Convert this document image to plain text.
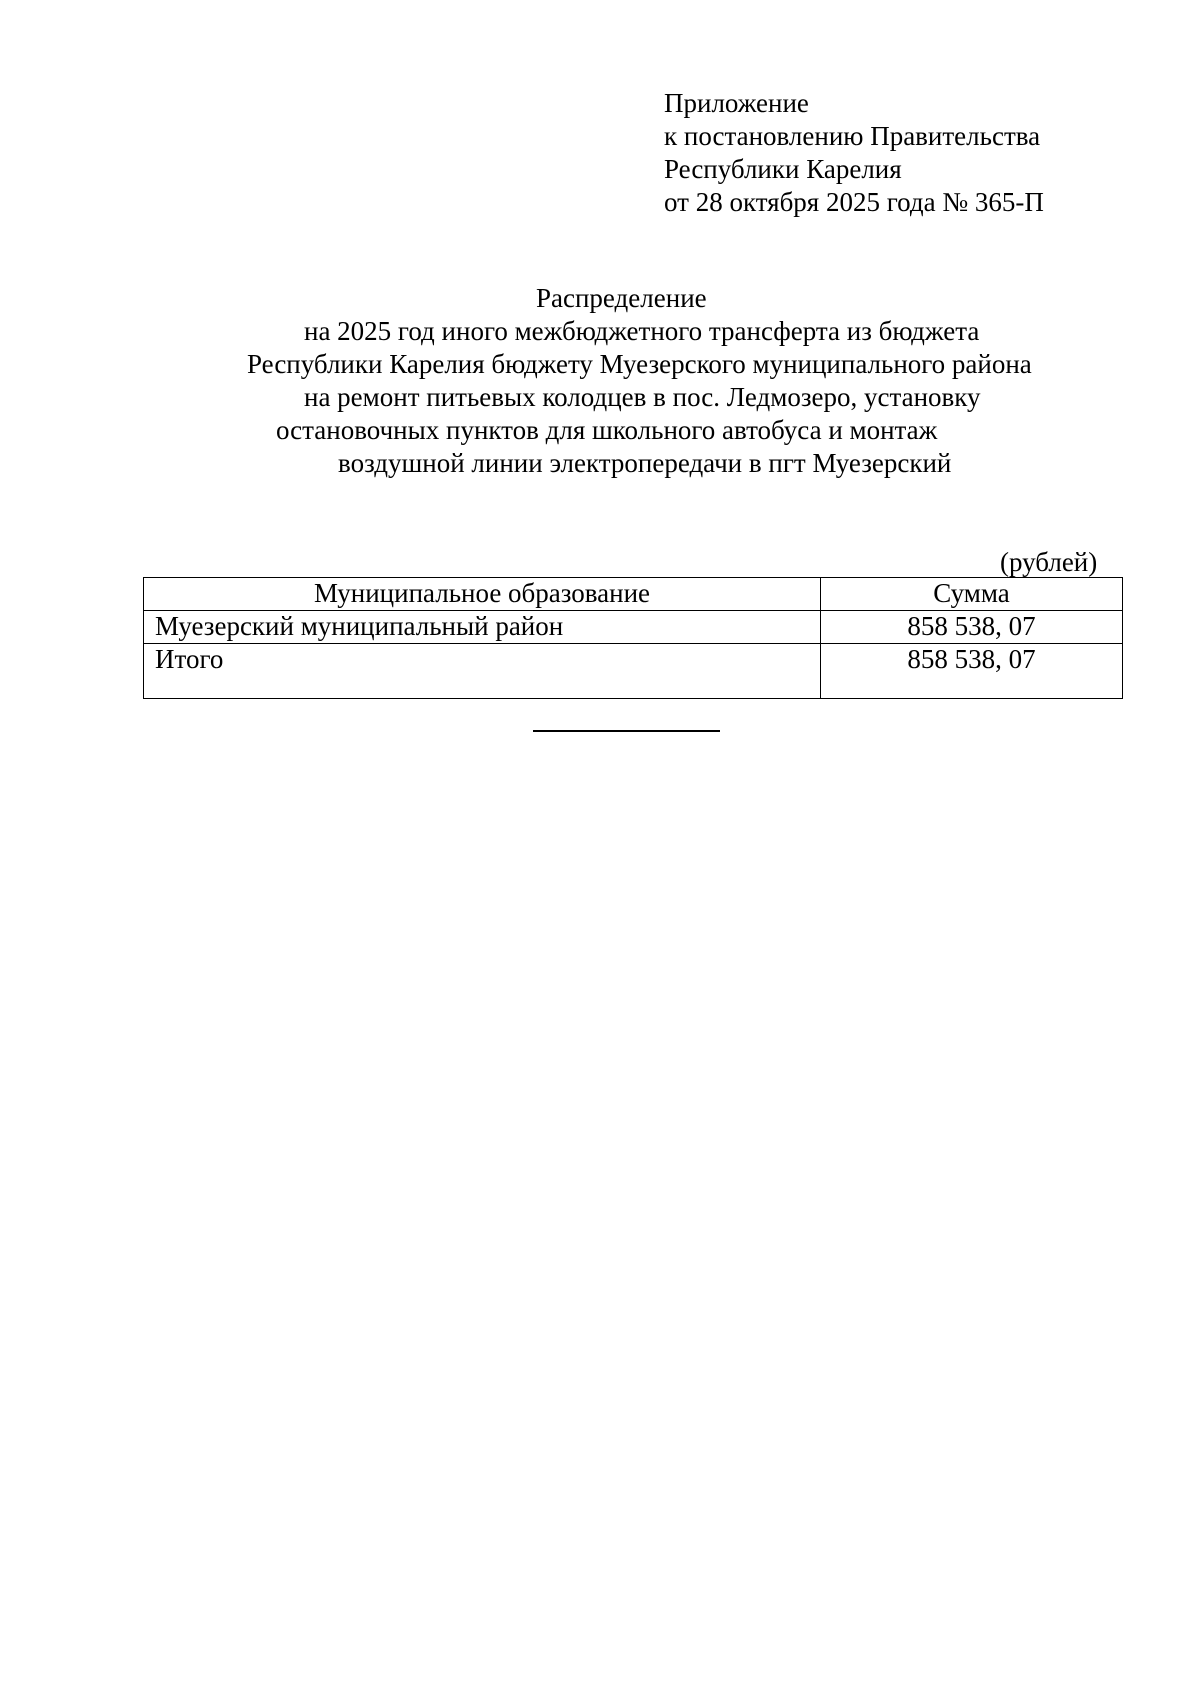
Приложение
к постановлению Правительства
Республики Карелия
от 28 октября 2025 года № 365-П
Распределение
на 2025 год иного межбюджетного трансферта из бюджета
Республики Карелия бюджету Муезерского муниципального района
на ремонт питьевых колодцев в пос. Ледмозеро, установку
остановочных пунктов для школьного автобуса и монтаж
воздушной линии электропередачи в пгт Муезерский
(рублей)
Муниципальное образование	Сумма
Муезерский муниципальный район	858 538, 07
Итого	858 538, 07
